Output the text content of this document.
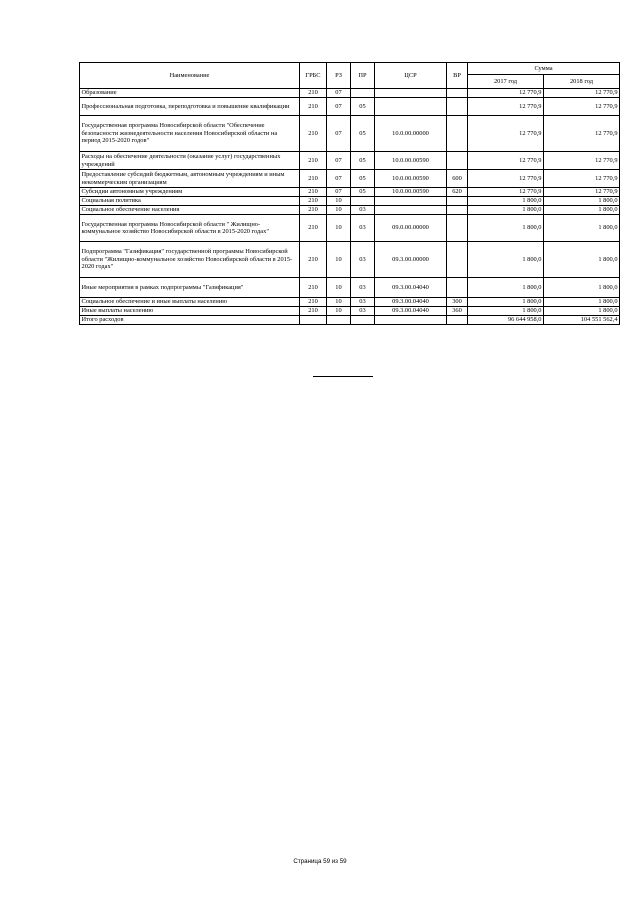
Наименование	ГРБС	РЗ	ПР	ЦСР	ВР	Сумма	
						2017 год	2018 год
Образование	210	07				12 770,9	12 770,9
Профессиональная подготовка, переподготовка и повышение квалификации	210	07	05			12 770,9	12 770,9
Государственная программа Новосибирской области "Обеспечение безопасности жизнедеятельности населения Новосибирской области на период 2015-2020 годов"	210	07	05	10.0.00.00000		12 770,9	12 770,9
Расходы на обеспечение деятельности (оказание услуг) государственных учреждений	210	07	05	10.0.00.00590		12 770,9	12 770,9
Предоставление субсидий бюджетным, автономным учреждениям и иным некоммерческим организациям	210	07	05	10.0.00.00590	600	12 770,9	12 770,9
Субсидии автономным учреждениям	210	07	05	10.0.00.00590	620	12 770,9	12 770,9
Социальная политика	210	10				1 800,0	1 800,0
Социальное обеспечение населения	210	10	03			1 800,0	1 800,0
Государственная программа Новосибирской области " Жилищно-коммунальное хозяйство Новосибирской области в 2015-2020 годах"	210	10	03	09.0.00.00000		1 800,0	1 800,0
Подпрограмма "Газификация" государственной программы Новосибирской области "Жилищно-коммунальное хозяйство Новосибирской области в 2015-2020 годах"	210	10	03	09.3.00.00000		1 800,0	1 800,0
Иные мероприятия в рамках подпрограммы "Газификация"	210	10	03	09.3.00.04040		1 800,0	1 800,0
Социальное обеспечение и иные выплаты населению	210	10	03	09.3.00.04040	300	1 800,0	1 800,0
Иные выплаты населению	210	10	03	09.3.00.04040	360	1 800,0	1 800,0
Итого расходов						96 644 958,0	104 551 562,4
Страница 59 из 59
